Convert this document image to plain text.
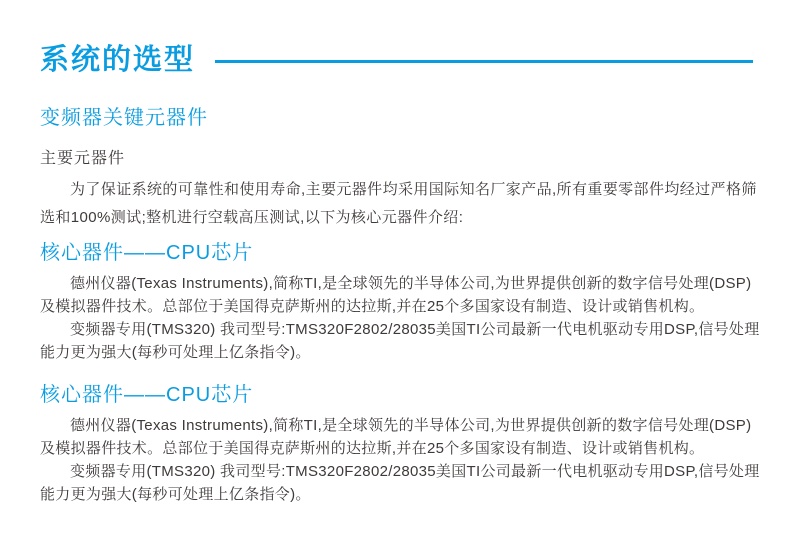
系统的选型
变频器关键元器件
主要元器件

为了保证系统的可靠性和使用寿命,主要元器件均采用国际知名厂家产品,所有重要零部件均经过严格筛选和100%测试;整机进行空载高压测试,以下为核心元器件介绍:

核心器件——CPU芯片

德州仪器(Texas Instruments),简称TI,是全球领先的半导体公司,为世界提供创新的数字信号处理(DSP)及模拟器件技术。总部位于美国得克萨斯州的达拉斯,并在25个多国家设有制造、设计或销售机构。

变频器专用(TMS320) 我司型号:TMS320F2802/28035美国TI公司最新一代电机驱动专用DSP,信号处理能力更为强大(每秒可处理上亿条指令)。

核心器件——CPU芯片

德州仪器(Texas Instruments),简称TI,是全球领先的半导体公司,为世界提供创新的数字信号处理(DSP)及模拟器件技术。总部位于美国得克萨斯州的达拉斯,并在25个多国家设有制造、设计或销售机构。

变频器专用(TMS320) 我司型号:TMS320F2802/28035美国TI公司最新一代电机驱动专用DSP,信号处理能力更为强大(每秒可处理上亿条指令)。
